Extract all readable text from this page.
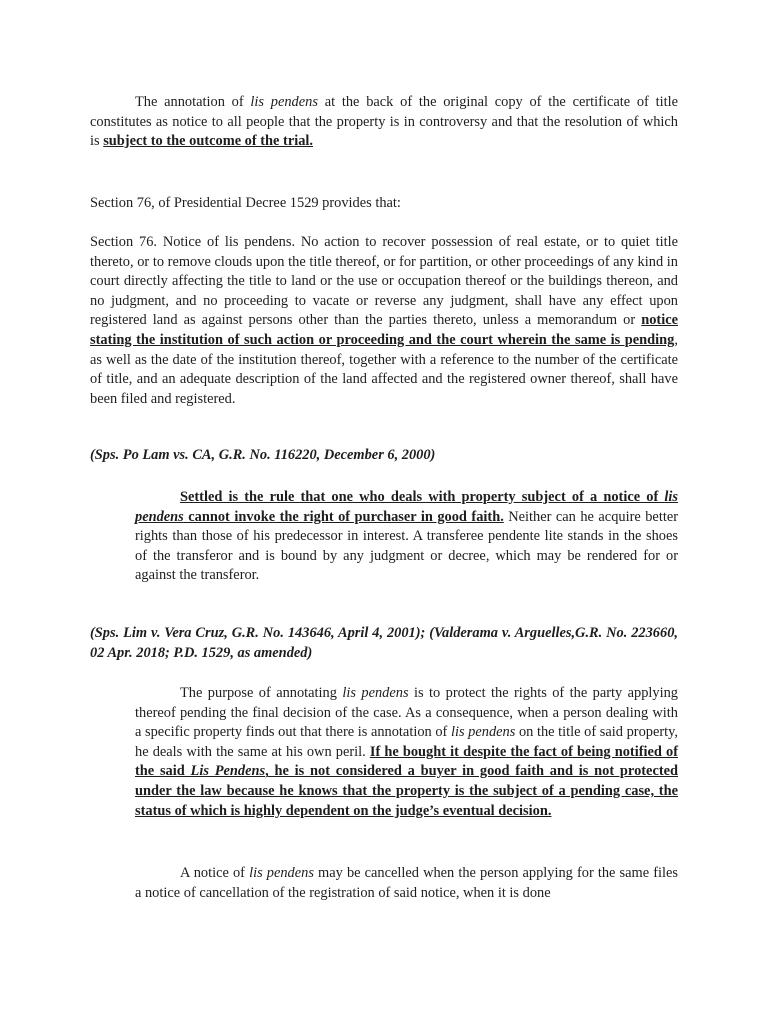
The annotation of lis pendens at the back of the original copy of the certificate of title constitutes as notice to all people that the property is in controversy and that the resolution of which is subject to the outcome of the trial.

Section 76, of Presidential Decree 1529 provides that:

Section 76. Notice of lis pendens. No action to recover possession of real estate, or to quiet title thereto, or to remove clouds upon the title thereof, or for partition, or other proceedings of any kind in court directly affecting the title to land or the use or occupation thereof or the buildings thereon, and no judgment, and no proceeding to vacate or reverse any judgment, shall have any effect upon registered land as against persons other than the parties thereto, unless a memorandum or notice stating the institution of such action or proceeding and the court wherein the same is pending, as well as the date of the institution thereof, together with a reference to the number of the certificate of title, and an adequate description of the land affected and the registered owner thereof, shall have been filed and registered.

(Sps. Po Lam vs. CA, G.R. No. 116220, December 6, 2000)

Settled is the rule that one who deals with property subject of a notice of lis pendens cannot invoke the right of purchaser in good faith. Neither can he acquire better rights than those of his predecessor in interest. A transferee pendente lite stands in the shoes of the transferor and is bound by any judgment or decree, which may be rendered for or against the transferor.

(Sps. Lim v. Vera Cruz, G.R. No. 143646, April 4, 2001); (Valderama v. Arguelles,G.R. No. 223660, 02 Apr. 2018; P.D. 1529, as amended)

The purpose of annotating lis pendens is to protect the rights of the party applying thereof pending the final decision of the case. As a consequence, when a person dealing with a specific property finds out that there is annotation of lis pendens on the title of said property, he deals with the same at his own peril. If he bought it despite the fact of being notified of the said Lis Pendens, he is not considered a buyer in good faith and is not protected under the law because he knows that the property is the subject of a pending case, the status of which is highly dependent on the judge’s eventual decision.

A notice of lis pendens may be cancelled when the person applying for the same files a notice of cancellation of the registration of said notice, when it is done
